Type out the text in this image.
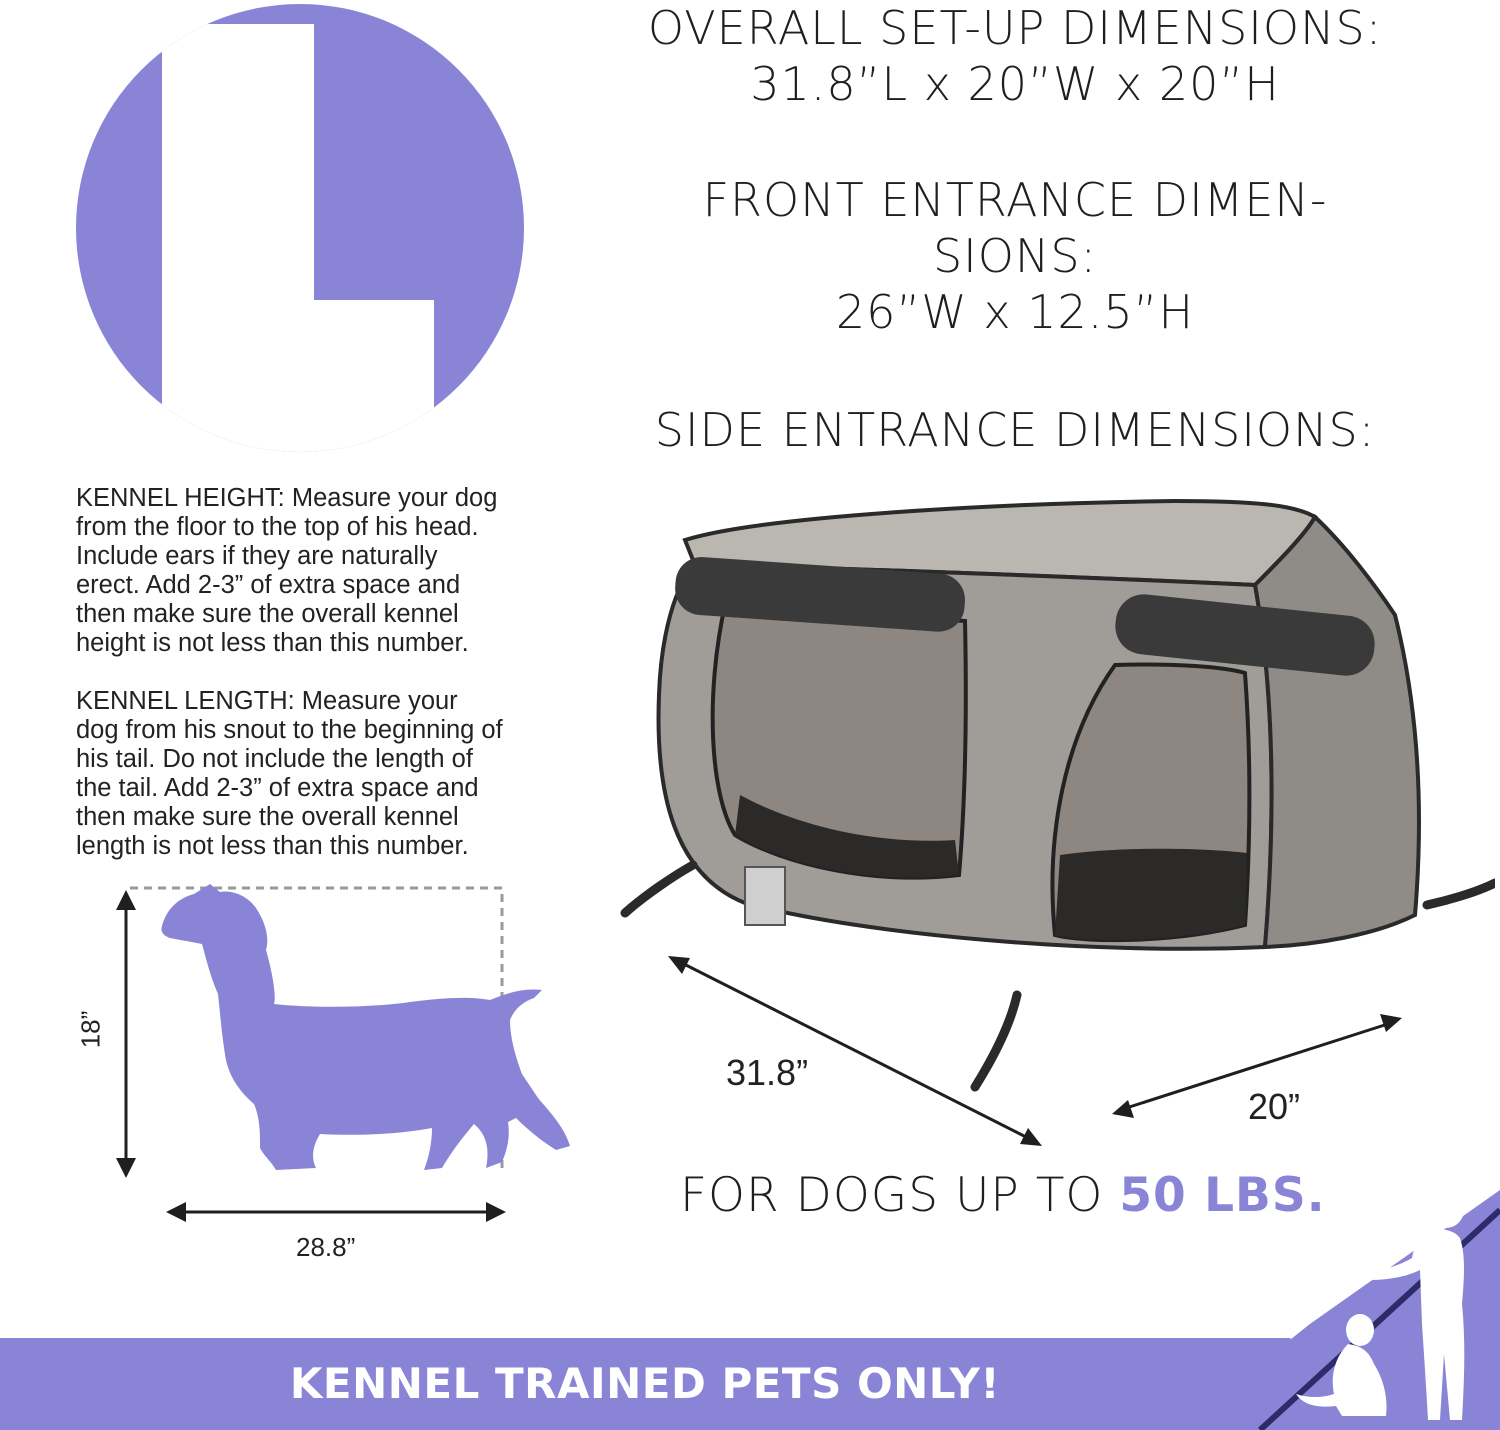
OVERALL SET-UP DIMENSIONS:
31.8”L x 20”W x 20”H
FRONT ENTRANCE DIMEN-
SIONS:
26”W x 12.5”H
SIDE ENTRANCE DIMENSIONS:
KENNEL HEIGHT: Measure your dog
from the floor to the top of his head.
Include ears if they are naturally
erect. Add 2-3” of extra space and
then make sure the overall kennel
height is not less than this number.
KENNEL LENGTH: Measure your
dog from his snout to the beginning of
his tail. Do not include the length of
the tail. Add 2-3” of extra space and
then make sure the overall kennel
length is not less than this number.
18”
28.8”
31.8”
20”
FOR DOGS UP TO 50 LBS.
KENNEL TRAINED PETS ONLY!
